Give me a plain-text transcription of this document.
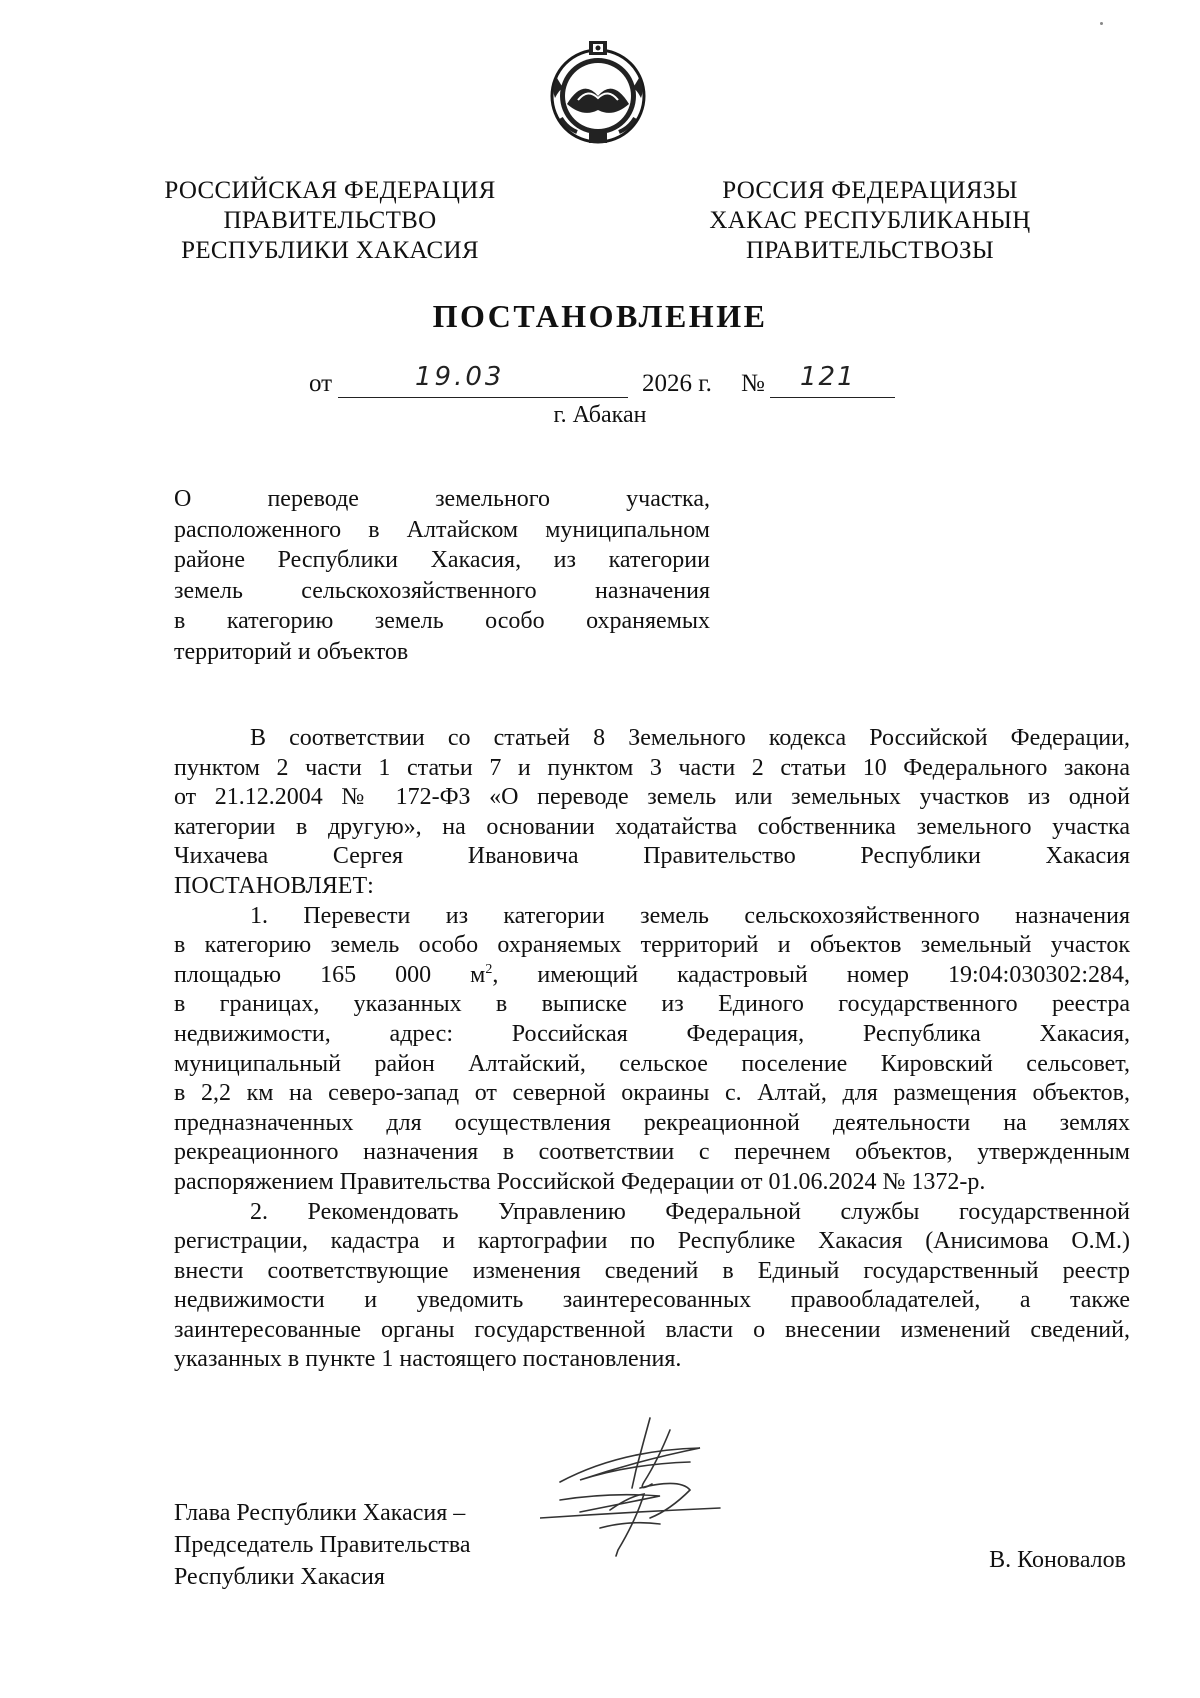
РОССИЙСКАЯ ФЕДЕРАЦИЯ
ПРАВИТЕЛЬСТВО
РЕСПУБЛИКИ ХАКАСИЯ
РОССИЯ ФЕДЕРАЦИЯЗЫ
ХАКАС РЕСПУБЛИКАНЫҢ
ПРАВИТЕЛЬСТВОЗЫ
ПОСТАНОВЛЕНИЕ
от	19.03	2026 г. № 121
г. Абакан
О переводе земельного участка,
расположенного в Алтайском муниципальном
районе Республики Хакасия, из категории
земель сельскохозяйственного назначения
в категорию земель особо охраняемых
территорий и объектов
В соответствии со статьей 8 Земельного кодекса Российской Федерации,
пунктом 2 части 1 статьи 7 и пунктом 3 части 2 статьи 10 Федерального закона
от 21.12.2004 № 172-ФЗ «О переводе земель или земельных участков из одной
категории в другую», на основании ходатайства собственника земельного участка
Чихачева Сергея Ивановича Правительство Республики Хакасия
ПОСТАНОВЛЯЕТ:
1. Перевести из категории земель сельскохозяйственного назначения
в категорию земель особо охраняемых территорий и объектов земельный участок
площадью 165 000 $м^2$, имеющий кадастровый номер 19:04:030302:284,
в границах, указанных в выписке из Единого государственного реестра
недвижимости, адрес: Российская Федерация, Республика Хакасия,
муниципальный район Алтайский, сельское поселение Кировский сельсовет,
в 2,2 км на северо-запад от северной окраины с. Алтай, для размещения объектов,
предназначенных для осуществления рекреационной деятельности на землях
рекреационного назначения в соответствии с перечнем объектов, утвержденным
распоряжением Правительства Российской Федерации от 01.06.2024 № 1372-р.
2. Рекомендовать Управлению Федеральной службы государственной
регистрации, кадастра и картографии по Республике Хакасия (Анисимова О.М.)
внести соответствующие изменения сведений в Единый государственный реестр
недвижимости и уведомить заинтересованных правообладателей, а также
заинтересованные органы государственной власти о внесении изменений сведений,
указанных в пункте 1 настоящего постановления.
Глава Республики Хакасия –
Председатель Правительства
Республики Хакасия
В. Коновалов
